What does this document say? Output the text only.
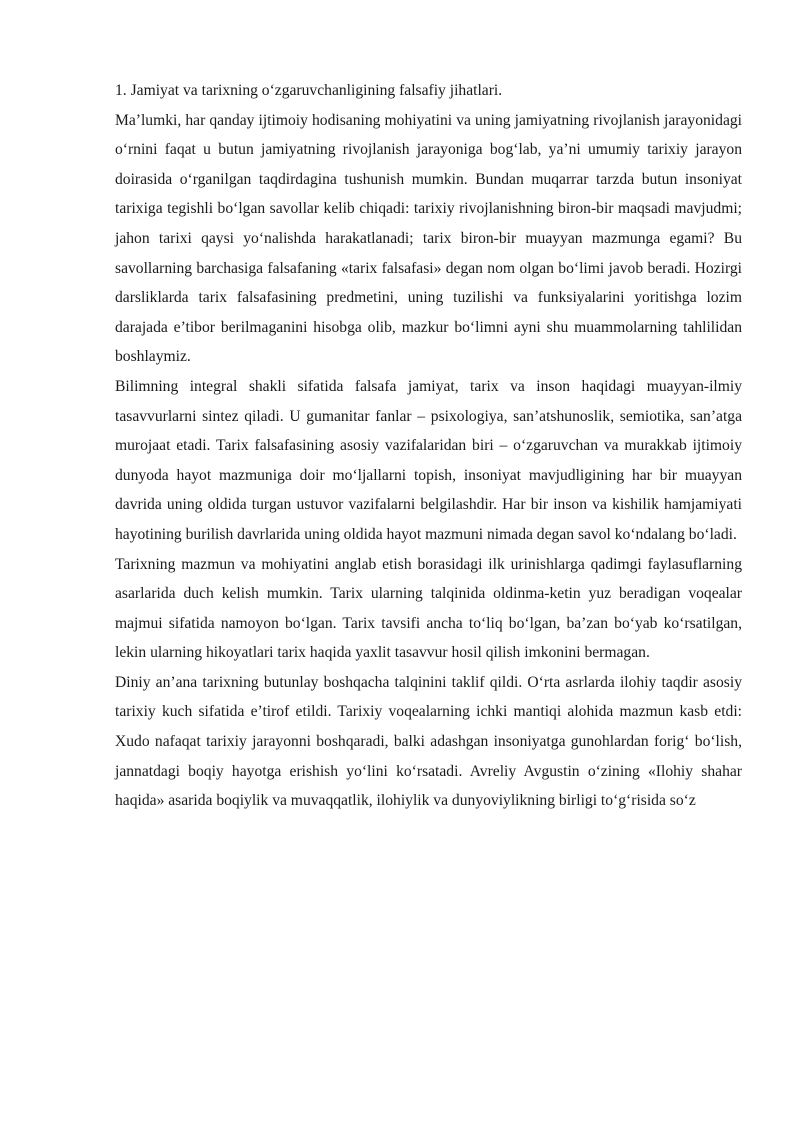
1. Jamiyat va tarixning o‘zgaruvchanligining falsafiy jihatlari.

Ma’lumki, har qanday ijtimoiy hodisaning mohiyatini va uning jamiyatning rivojlanish jarayonidagi o‘rnini faqat u butun jamiyatning rivojlanish jarayoniga bog‘lab, ya’ni umumiy tarixiy jarayon doirasida o‘rganilgan taqdirdagina tushunish mumkin. Bundan muqarrar tarzda butun insoniyat tarixiga tegishli bo‘lgan savollar kelib chiqadi: tarixiy rivojlanishning biron-bir maqsadi mavjudmi; jahon tarixi qaysi yo‘nalishda harakatlanadi; tarix biron-bir muayyan mazmunga egami? Bu savollarning barchasiga falsafaning «tarix falsafasi» degan nom olgan bo‘limi javob beradi. Hozirgi darsliklarda tarix falsafasining predmetini, uning tuzilishi va funksiyalarini yoritishga lozim darajada e’tibor berilmaganini hisobga olib, mazkur bo‘limni ayni shu muammolarning tahlilidan boshlaymiz.

Bilimning integral shakli sifatida falsafa jamiyat, tarix va inson haqidagi muayyan-ilmiy tasavvurlarni sintez qiladi. U gumanitar fanlar – psixologiya, san’atshunoslik, semiotika, san’atga murojaat etadi. Tarix falsafasining asosiy vazifalaridan biri – o‘zgaruvchan va murakkab ijtimoiy dunyoda hayot mazmuniga doir mo‘ljallarni topish, insoniyat mavjudligining har bir muayyan davrida uning oldida turgan ustuvor vazifalarni belgilashdir. Har bir inson va kishilik hamjamiyati hayotining burilish davrlarida uning oldida hayot mazmuni nimada degan savol ko‘ndalang bo‘ladi.

Tarixning mazmun va mohiyatini anglab etish borasidagi ilk urinishlarga qadimgi faylasuflarning asarlarida duch kelish mumkin. Tarix ularning talqinida oldinma-ketin yuz beradigan voqealar majmui sifatida namoyon bo‘lgan. Tarix tavsifi ancha to‘liq bo‘lgan, ba’zan bo‘yab ko‘rsatilgan, lekin ularning hikoyatlari tarix haqida yaxlit tasavvur hosil qilish imkonini bermagan.

Diniy an’ana tarixning butunlay boshqacha talqinini taklif qildi. O‘rta asrlarda ilohiy taqdir asosiy tarixiy kuch sifatida e’tirof etildi. Tarixiy voqealarning ichki mantiqi alohida mazmun kasb etdi: Xudo nafaqat tarixiy jarayonni boshqaradi, balki adashgan insoniyatga gunohlardan forig‘ bo‘lish, jannatdagi boqiy hayotga erishish yo‘lini ko‘rsatadi. Avreliy Avgustin o‘zining «Ilohiy shahar haqida» asarida boqiylik va muvaqqatlik, ilohiylik va dunyoviylikning birligi to‘g‘risida so‘z
